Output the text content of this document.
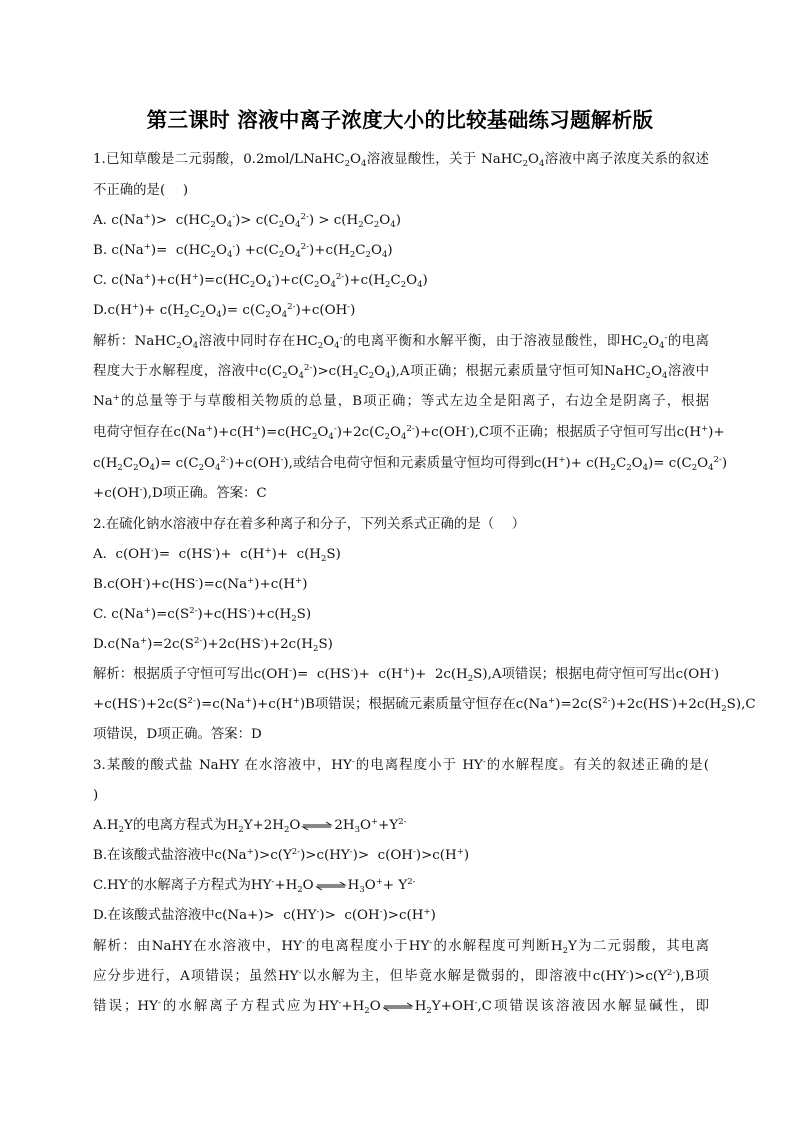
第三课时 溶液中离子浓度大小的比较基础练习题解析版
1.已知草酸是二元弱酸，$0.2mol/LNaHC_2O_4$溶液显酸性，关于 $NaHC_2O_4$溶液中离子浓度关系的叙述
不正确的是(　 )
A. $c(Na^+)> c(HC_2O_4^-)> c(C_2O_4^{2-}) > c(H_2C_2O_4)$
B. $c(Na^+)= c(HC_2O_4^-) +c(C_2O_4^{2-})+c(H_2C_2O_4)$
C. $c(Na^+)+c(H^+)=c(HC_2O_4^-)+c(C_2O_4^{2-})+c(H_2C_2O_4)$
$D.c(H^+)+ c(H_2C_2O_4)= c(C_2O_4^{2-})+c(OH^-)$
解析：$NaHC_2O_4$溶液中同时存在$HC_2O_4^-$的电离平衡和水解平衡，由于溶液显酸性，即$HC_2O_4^-$的电离
程度大于水解程度，溶液中$c(C_2O_4^{2-})>c(H_2C_2O_4),A$项正确；根据元素质量守恒可知$NaHC_2O_4$溶液中
Na+的总量等于与草酸相关物质的总量，B项正确；等式左边全是阳离子，右边全是阴离子，根据
电荷守恒存在$c(Na^+)+c(H^+)=c(HC_2O_4^-)+2c(C_2O_4^{2-})+c(OH^-),C$项不正确；根据质子守恒可写出c(H+)+
$c(H_2C_2O_4)= c(C_2O_4^{2-})+c(OH^-)$,或结合电荷守恒和元素质量守恒均可得到$c(H^+)+ c(H_2C_2O_4)= c(C_2O_4^{2-})$
+c(OH-),D项正确。答案：C
2.在硫化钠水溶液中存在着多种离子和分子，下列关系式正确的是（　 ）
A.  $c(OH^-)= c(HS^-)+ c(H^+)+ c(H_2S)$
B.c(OH-)+c(HS-)=c(Na+)+c(H+)
C. $c(Na^+)=c(S^{2-})+c(HS^-)+c(H_2S)$
$D.c(Na^+)=2c(S^{2-})+2c(HS^-)+2c(H_2S)$
解析：根据质子守恒可写出$c(OH^-)= c(HS^-)+ c(H^+)+ 2c(H_2S),A$项错误；根据电荷守恒可写出c(OH-)
$+c(HS^-)+2c(S^{2-})=c(Na^+)+c(H^+)B$项错误；根据硫元素质量守恒存在$c(Na^+)=2c(S^{2-})+2c(HS^-)+2c(H_2S),C$
项错误，D项正确。答案：D
3.某酸的酸式盐 NaHY 在水溶液中，HY-的电离程度小于 HY-的水解程度。有关的叙述正确的是(
)
$A.H_2Y$的电离方程式为$H_2Y+2H_2O$ ⇌ $2H_3O^++Y^{2-}$
B.在该酸式盐溶液中$c(Na^+)>c(Y^{2-})>c(HY^-)> c(OH^-)>c(H^+)$
C.HY-的水解离子方程式为$HY^-+H_2O$ ⇌ $H_3O^++ Y^{2-}$
D.在该酸式盐溶液中c(Na+)>  c(HY-)>  c(OH-)>c(H+)
解析：由NaHY在水溶液中，HY-的电离程度小于HY-的水解程度可判断$H_2Y$为二元弱酸，其电离
应分步进行，A项错误；虽然HY-以水解为主，但毕竟水解是微弱的，即溶液中$c(HY^-)>c(Y^{2-}),B$项
错误；HY-的水解离子方程式应为$HY^-+H_2O$ ⇌ $H_2Y+OH^-,C$项错误该溶液因水解显碱性，即
